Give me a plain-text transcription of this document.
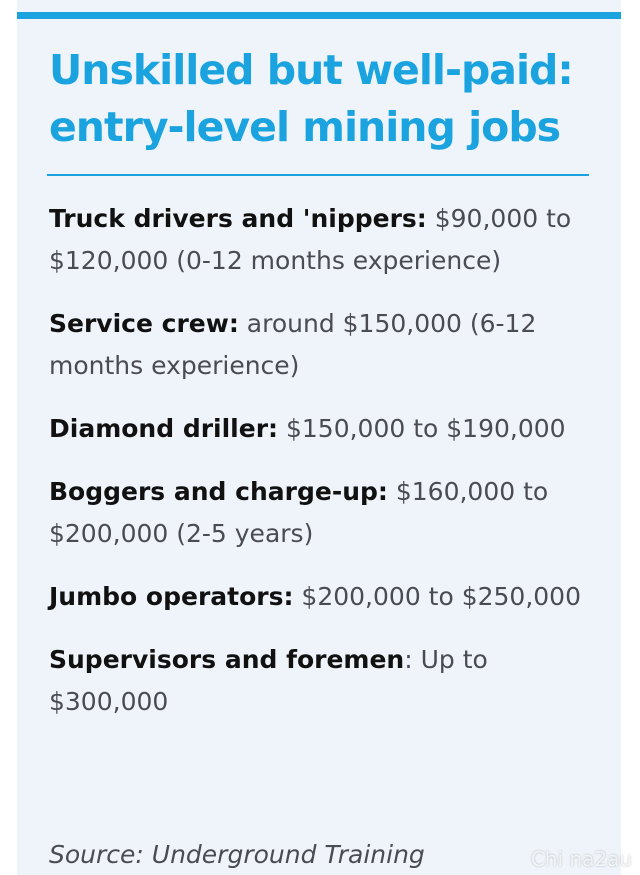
Unskilled but well-paid: entry-level mining jobs
Truck drivers and 'nippers: $90,000 to $120,000 (0-12 months experience)
Service crew: around $150,000 (6-12 months experience)
Diamond driller: $150,000 to $190,000
Boggers and charge-up: $160,000 to $200,000 (2-5 years)
Jumbo operators: $200,000 to $250,000
Supervisors and foremen: Up to $300,000

Source: Underground Training	Chi na2au
